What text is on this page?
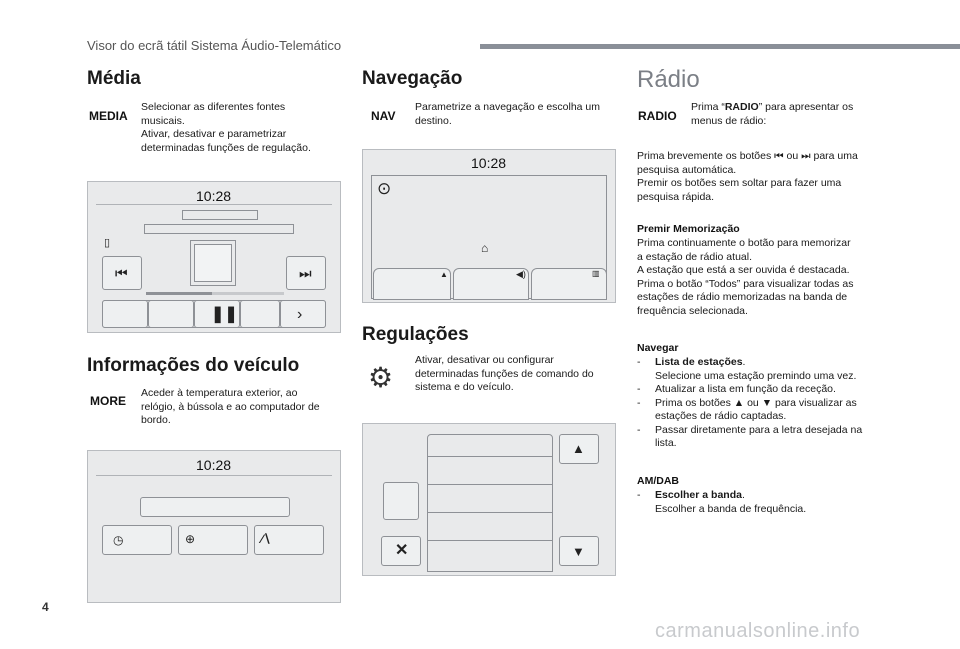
Visor do ecrã tátil Sistema Áudio-Telemático
Média
MEDIA
Selecionar as diferentes fontes
musicais.
Ativar, desativar e parametrizar
determinadas funções de regulação.
10:28
▯
⏮	⏭
❚❚	›
Informações do veículo
MORE
Aceder à temperatura exterior, ao
relógio, à bússola e ao computador de
bordo.
10:28
◷	⊕	⁄∖
Navegação
NAV
Parametrize a navegação e escolha um
destino.
10:28
⊙
⌂
▲	◀)	▥
Regulações
⚙
Ativar, desativar ou configurar
determinadas funções de comando do
sistema e do veículo.
✕
▲
▼
Rádio
RADIO
Prima “RADIO” para apresentar os
menus de rádio:
Prima brevemente os botões ⏮ ou ⏭ para uma
pesquisa automática.
Premir os botões sem soltar para fazer uma
pesquisa rápida.
Premir Memorização
Prima continuamente o botão para memorizar
a estação de rádio atual.
A estação que está a ser ouvida é destacada.
Prima o botão “Todos” para visualizar todas as
estações de rádio memorizadas na banda de
frequência selecionada.
Navegar
- Lista de estações.
Selecione uma estação premindo uma vez.
- Atualizar a lista em função da receção.
- Prima os botões ▲ ou ▼ para visualizar as
estações de rádio captadas.
- Passar diretamente para a letra desejada na
lista.
AM/DAB
- Escolher a banda.
Escolher a banda de frequência.
4
carmanualsonline.info
